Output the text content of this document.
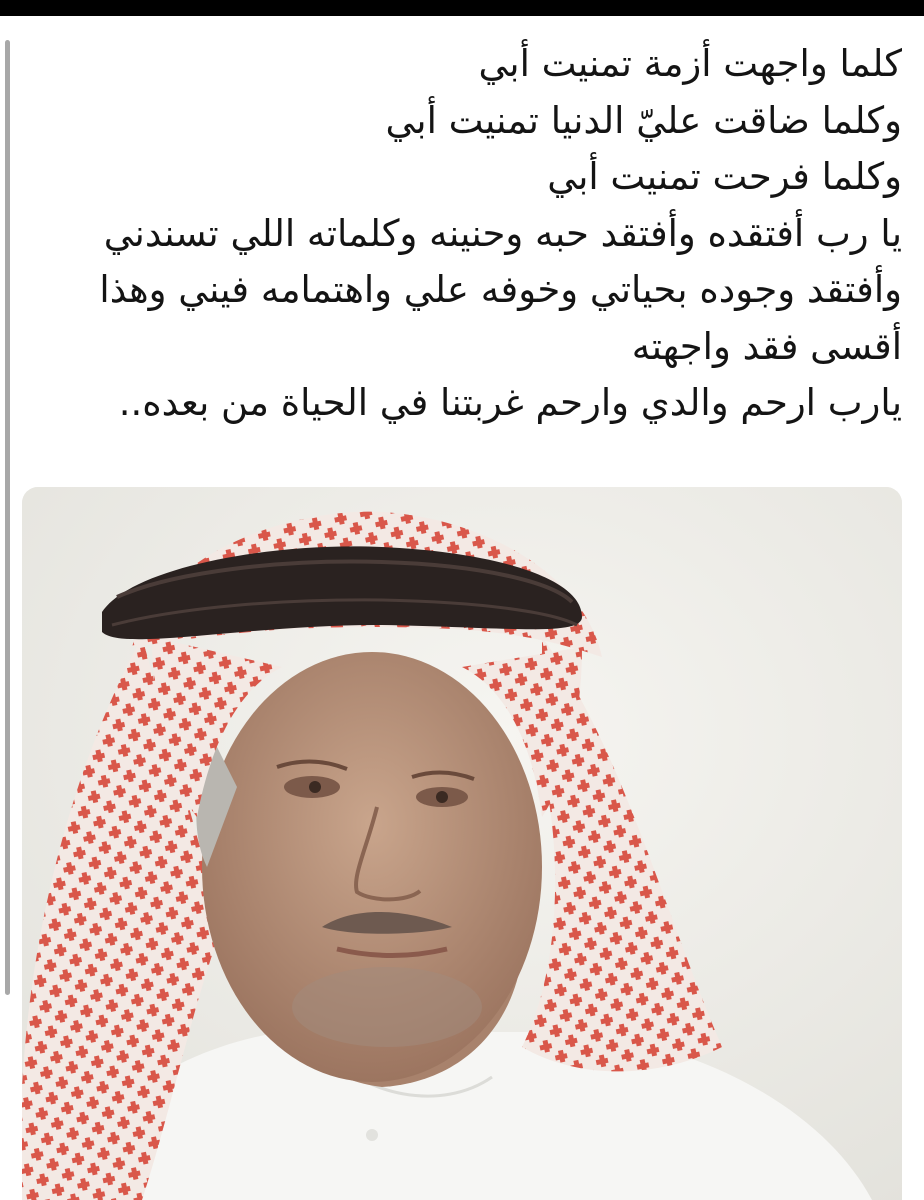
كلما واجهت أزمة تمنيت أبي
وكلما ضاقت عليّ الدنيا تمنيت أبي
وكلما فرحت تمنيت أبي
يا رب أفتقده وأفتقد حبه وحنينه وكلماته اللي تسندني
وأفتقد وجوده بحياتي وخوفه علي واهتمامه فيني وهذا
أقسى فقد واجهته
يارب ارحم والدي وارحم غربتنا في الحياة من بعده..
